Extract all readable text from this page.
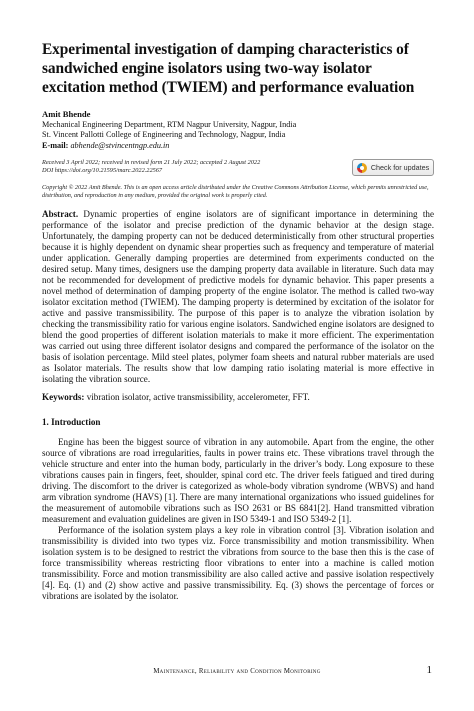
Experimental investigation of damping characteristics of sandwiched engine isolators using two-way isolator excitation method (TWIEM) and performance evaluation
Amit Bhende
Mechanical Engineering Department, RTM Nagpur University, Nagpur, India
St. Vincent Pallotti College of Engineering and Technology, Nagpur, India
E-mail: abhende@stvincentngp.edu.in
Received 3 April 2022; received in revised form 21 July 2022; accepted 2 August 2022
DOI https://doi.org/10.21595/marc.2022.22567	Check for updates
Copyright © 2022 Amit Bhende. This is an open access article distributed under the Creative Commons Attribution License, which permits unrestricted use, distribution, and reproduction in any medium, provided the original work is properly cited.
Abstract. Dynamic properties of engine isolators are of significant importance in determining the performance of the isolator and precise prediction of the dynamic behavior at the design stage. Unfortunately, the damping property can not be deduced deterministically from other structural properties because it is highly dependent on dynamic shear properties such as frequency and temperature of material under application. Generally damping properties are determined from experiments conducted on the desired setup. Many times, designers use the damping property data available in literature. Such data may not be recommended for development of predictive models for dynamic behavior. This paper presents a novel method of determination of damping property of the engine isolator. The method is called two-way isolator excitation method (TWIEM). The damping property is determined by excitation of the isolator for active and passive transmissibility. The purpose of this paper is to analyze the vibration isolation by checking the transmissibility ratio for various engine isolators. Sandwiched engine isolators are designed to blend the good properties of different isolation materials to make it more efficient. The experimentation was carried out using three different isolator designs and compared the performance of the isolator on the basis of isolation percentage. Mild steel plates, polymer foam sheets and natural rubber materials are used as Isolator materials. The results show that low damping ratio isolating material is more effective in isolating the vibration source.
Keywords: vibration isolator, active transmissibility, accelerometer, FFT.
1. Introduction

Engine has been the biggest source of vibration in any automobile. Apart from the engine, the other source of vibrations are road irregularities, faults in power trains etc. These vibrations travel through the vehicle structure and enter into the human body, particularly in the driver’s body. Long exposure to these vibrations causes pain in fingers, feet, shoulder, spinal cord etc. The driver feels fatigued and tired during driving. The discomfort to the driver is categorized as whole-body vibration syndrome (WBVS) and hand arm vibration syndrome (HAVS) [1]. There are many international organizations who issued guidelines for the measurement of automobile vibrations such as ISO 2631 or BS 6841[2]. Hand transmitted vibration measurement and evaluation guidelines are given in ISO 5349-1 and ISO 5349-2 [1].

Performance of the isolation system plays a key role in vibration control [3]. Vibration isolation and transmissibility is divided into two types viz. Force transmissibility and motion transmissibility. When isolation system is to be designed to restrict the vibrations from source to the base then this is the case of force transmissibility whereas restricting floor vibrations to enter into a machine is called motion transmissibility. Force and motion transmissibility are also called active and passive isolation respectively [4]. Eq. (1) and (2) show active and passive transmissibility. Eq. (3) shows the percentage of forces or vibrations are isolated by the isolator.

Maintenance, Reliability and Condition Monitoring	1
